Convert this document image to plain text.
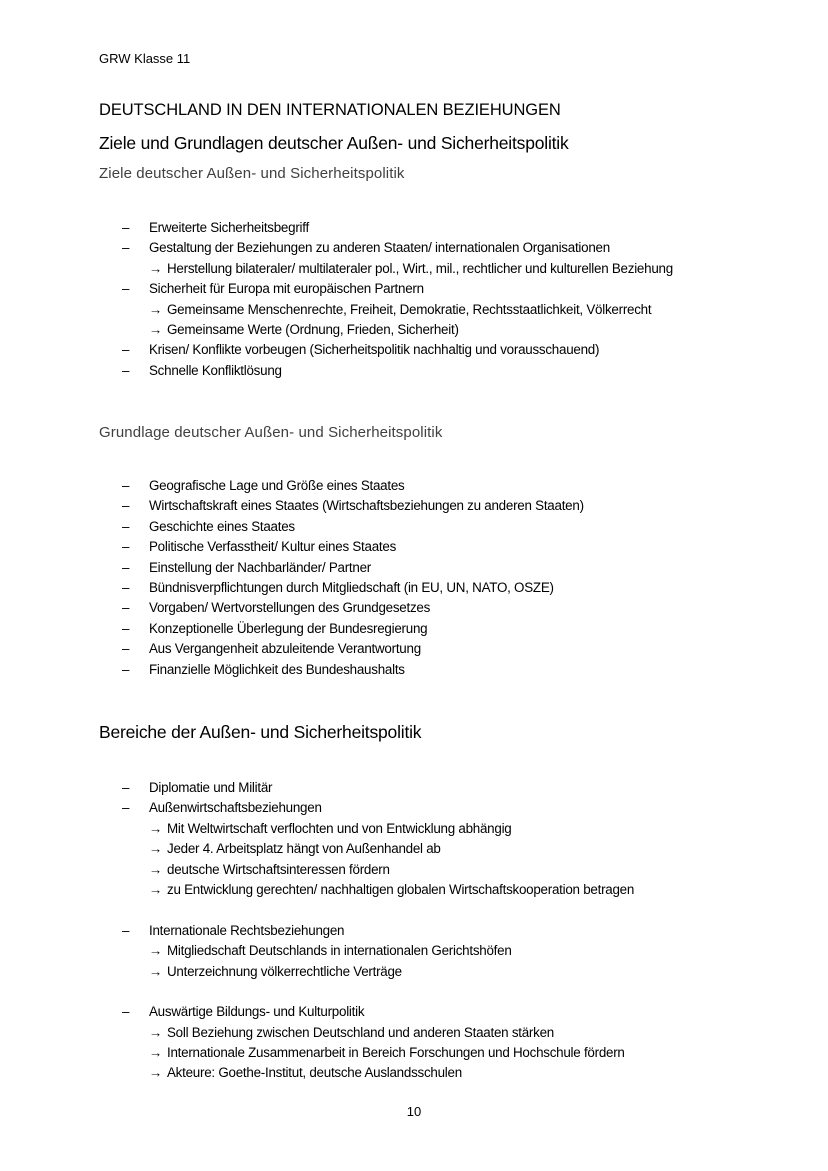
GRW Klasse 11
DEUTSCHLAND IN DEN INTERNATIONALEN BEZIEHUNGEN
Ziele und Grundlagen deutscher Außen- und Sicherheitspolitik
Ziele deutscher Außen- und Sicherheitspolitik
– Erweiterte Sicherheitsbegriff
– Gestaltung der Beziehungen zu anderen Staaten/ internationalen Organisationen
→ Herstellung bilateraler/ multilateraler pol., Wirt., mil., rechtlicher und kulturellen Beziehung
– Sicherheit für Europa mit europäischen Partnern
→ Gemeinsame Menschenrechte, Freiheit, Demokratie, Rechtsstaatlichkeit, Völkerrecht
→ Gemeinsame Werte (Ordnung, Frieden, Sicherheit)
– Krisen/ Konflikte vorbeugen (Sicherheitspolitik nachhaltig und vorausschauend)
– Schnelle Konfliktlösung
Grundlage deutscher Außen- und Sicherheitspolitik
– Geografische Lage und Größe eines Staates
– Wirtschaftskraft eines Staates (Wirtschaftsbeziehungen zu anderen Staaten)
– Geschichte eines Staates
– Politische Verfasstheit/ Kultur eines Staates
– Einstellung der Nachbarländer/ Partner
– Bündnisverpflichtungen durch Mitgliedschaft (in EU, UN, NATO, OSZE)
– Vorgaben/ Wertvorstellungen des Grundgesetzes
– Konzeptionelle Überlegung der Bundesregierung
– Aus Vergangenheit abzuleitende Verantwortung
– Finanzielle Möglichkeit des Bundeshaushalts
Bereiche der Außen- und Sicherheitspolitik
– Diplomatie und Militär
– Außenwirtschaftsbeziehungen
→ Mit Weltwirtschaft verflochten und von Entwicklung abhängig
→ Jeder 4. Arbeitsplatz hängt von Außenhandel ab
→ deutsche Wirtschaftsinteressen fördern
→ zu Entwicklung gerechten/ nachhaltigen globalen Wirtschaftskooperation betragen
– Internationale Rechtsbeziehungen
→ Mitgliedschaft Deutschlands in internationalen Gerichtshöfen
→ Unterzeichnung völkerrechtliche Verträge
– Auswärtige Bildungs- und Kulturpolitik
→ Soll Beziehung zwischen Deutschland und anderen Staaten stärken
→ Internationale Zusammenarbeit in Bereich Forschungen und Hochschule fördern
→ Akteure: Goethe-Institut, deutsche Auslandsschulen
10
